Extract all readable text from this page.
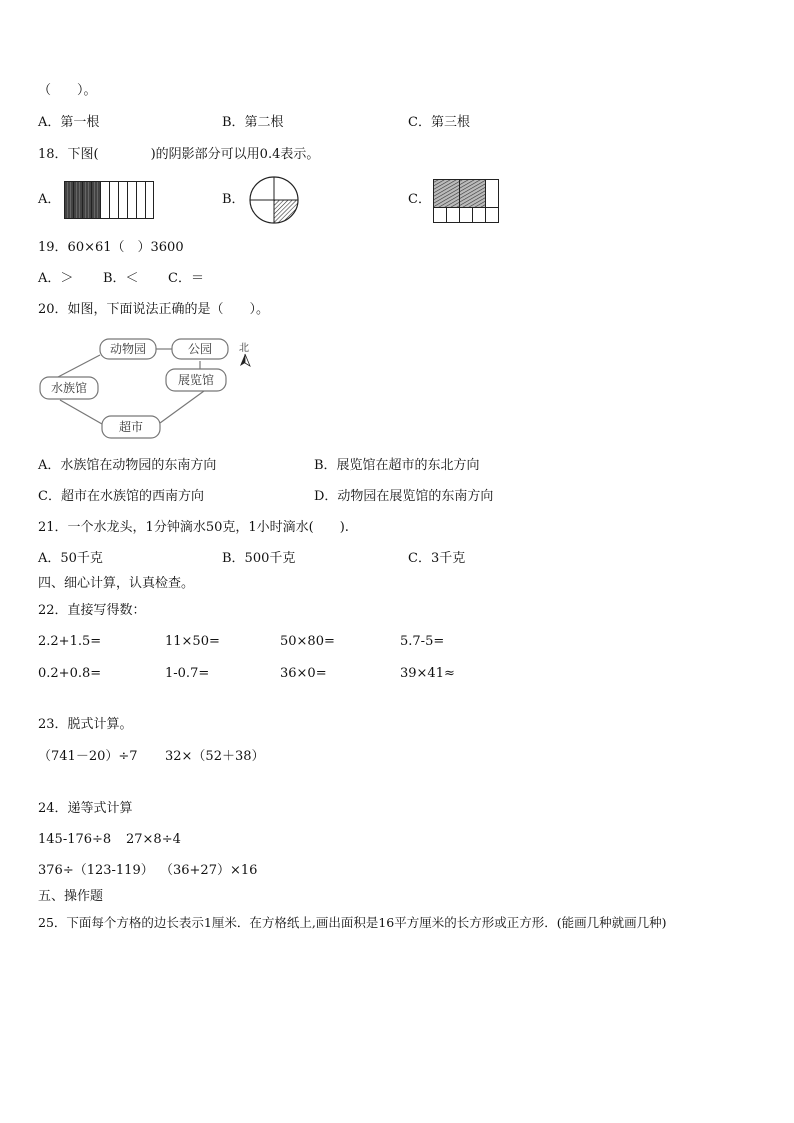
（　　）。
A．第一根	B．第二根	C．第三根
18．下图(　　　　)的阴影部分可以用0.4表示。
A．	B．	C．
19．60×61（　）3600
A．＞ B．＜ C．＝
20．如图，下面说法正确的是（　　）。
动物园	公园
展览馆
水族馆
超市
北
A．水族馆在动物园的东南方向	B．展览馆在超市的东北方向
C．超市在水族馆的西南方向	D．动物园在展览馆的东南方向
21．一个水龙头，1分钟滴水50克，1小时滴水(　　).
A．50千克	B．500千克	C．3千克
四、细心计算，认真检查。
22．直接写得数：
2.2+1.5=	11×50=	50×80=	5.7-5=
0.2+0.8=	1-0.7=	36×0=	39×41≈
23．脱式计算。
（741－20）÷7 32×（52＋38）
24．递等式计算
145-176÷8 27×8÷4
376÷（123-119） （36+27）×16
五、操作题
25．下面每个方格的边长表示1厘米．在方格纸上,画出面积是16平方厘米的长方形或正方形．(能画几种就画几种)
